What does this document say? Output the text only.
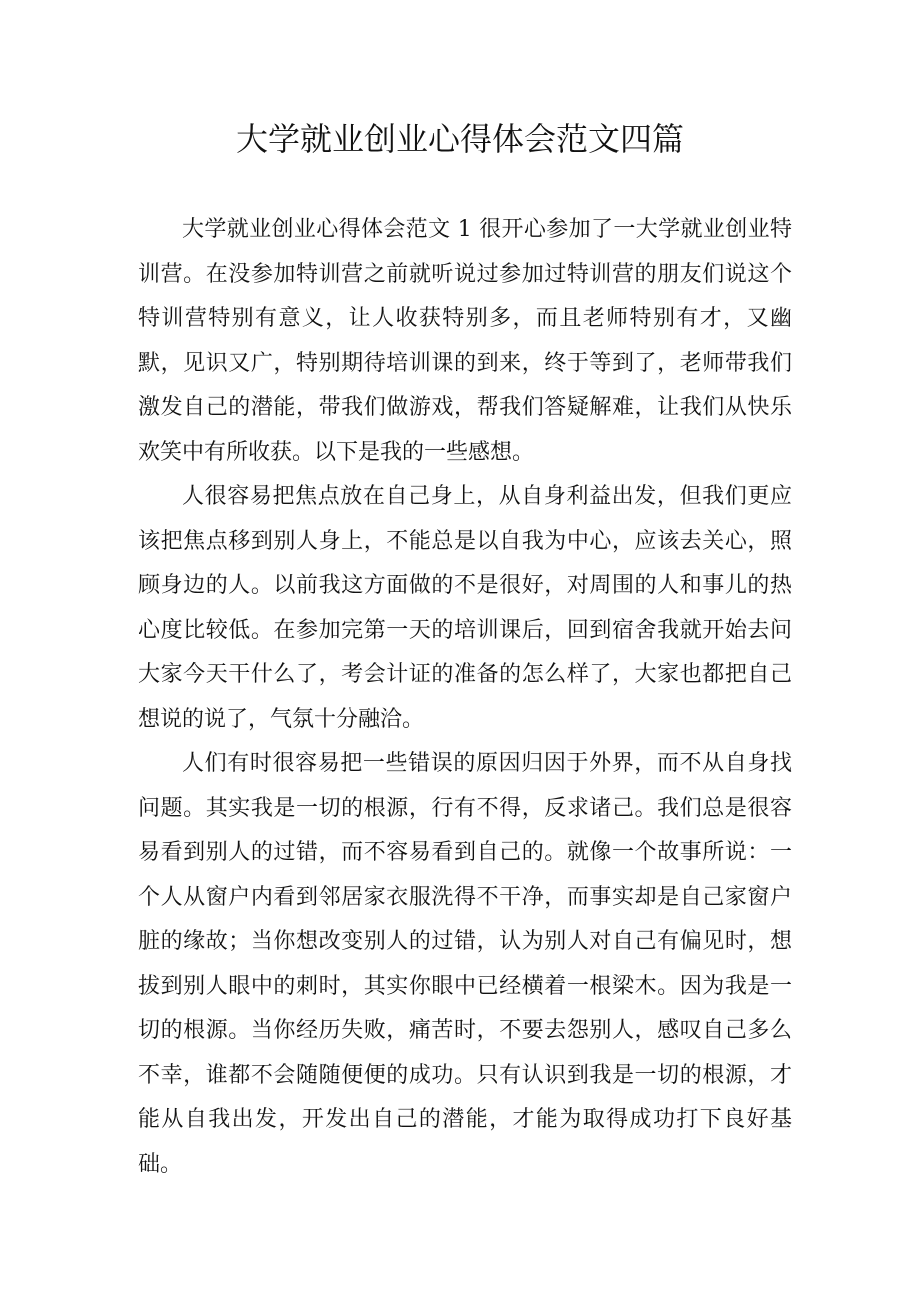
大学就业创业心得体会范文四篇

大学就业创业心得体会范文 1 很开心参加了一大学就业创业特训营。在没参加特训营之前就听说过参加过特训营的朋友们说这个特训营特别有意义，让人收获特别多，而且老师特别有才，又幽默，见识又广，特别期待培训课的到来，终于等到了，老师带我们激发自己的潜能，带我们做游戏，帮我们答疑解难，让我们从快乐欢笑中有所收获。以下是我的一些感想。

人很容易把焦点放在自己身上，从自身利益出发，但我们更应该把焦点移到别人身上，不能总是以自我为中心，应该去关心，照顾身边的人。以前我这方面做的不是很好，对周围的人和事儿的热心度比较低。在参加完第一天的培训课后，回到宿舍我就开始去问大家今天干什么了，考会计证的准备的怎么样了，大家也都把自己想说的说了，气氛十分融洽。

人们有时很容易把一些错误的原因归因于外界，而不从自身找问题。其实我是一切的根源，行有不得，反求诸己。我们总是很容易看到别人的过错，而不容易看到自己的。就像一个故事所说：一个人从窗户内看到邻居家衣服洗得不干净，而事实却是自己家窗户脏的缘故；当你想改变别人的过错，认为别人对自己有偏见时，想拔到别人眼中的刺时，其实你眼中已经横着一根梁木。因为我是一切的根源。当你经历失败，痛苦时，不要去怨别人，感叹自己多么不幸，谁都不会随随便便的成功。只有认识到我是一切的根源，才能从自我出发，开发出自己的潜能，才能为取得成功打下良好基础。
